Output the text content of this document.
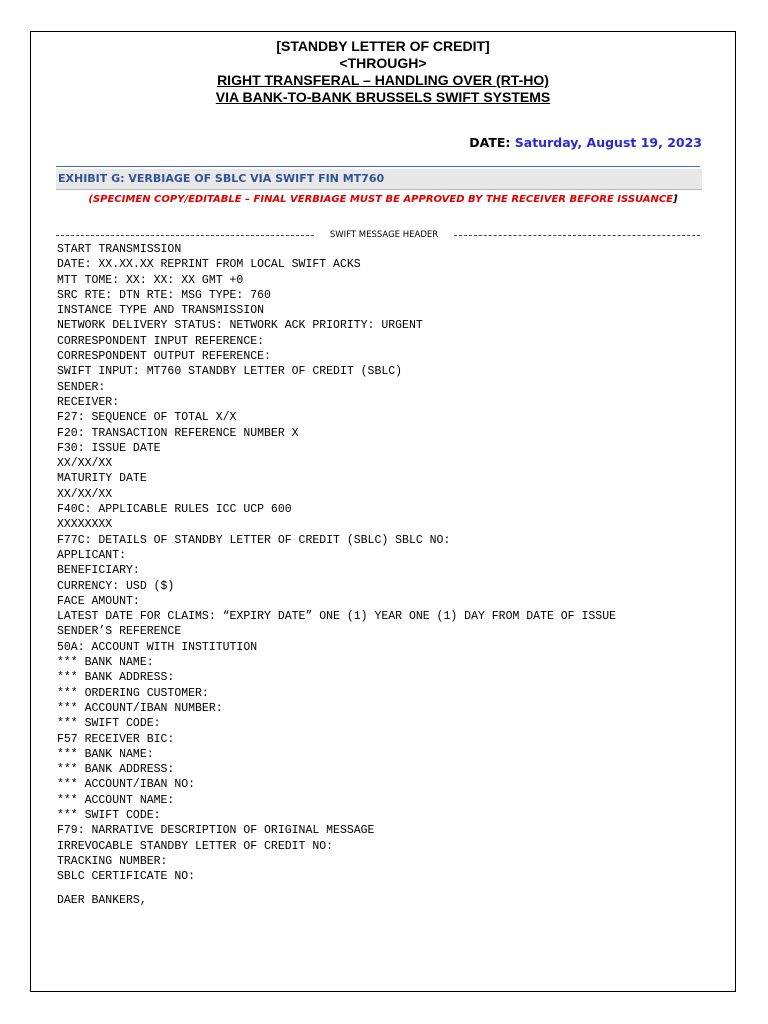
[STANDBY LETTER OF CREDIT]
<THROUGH>
RIGHT TRANSFERAL – HANDLING OVER (RT-HO)
VIA BANK-TO-BANK BRUSSELS SWIFT SYSTEMS
DATE: Saturday, August 19, 2023
EXHIBIT G: VERBIAGE OF SBLC VIA SWIFT FIN MT760
(SPECIMEN COPY/EDITABLE – FINAL VERBIAGE MUST BE APPROVED BY THE RECEIVER BEFORE ISSUANCE]
SWIFT MESSAGE HEADER
START TRANSMISSION
DATE: XX.XX.XX REPRINT FROM LOCAL SWIFT ACKS
MTT TOME: XX: XX: XX GMT +0
SRC RTE: DTN RTE: MSG TYPE: 760
INSTANCE TYPE AND TRANSMISSION
NETWORK DELIVERY STATUS: NETWORK ACK PRIORITY: URGENT
CORRESPONDENT INPUT REFERENCE:
CORRESPONDENT OUTPUT REFERENCE:
SWIFT INPUT: MT760 STANDBY LETTER OF CREDIT (SBLC)
SENDER:
RECEIVER:
F27: SEQUENCE OF TOTAL X/X
F20: TRANSACTION REFERENCE NUMBER X
F30: ISSUE DATE
XX/XX/XX
MATURITY DATE
XX/XX/XX
F40C: APPLICABLE RULES ICC UCP 600
XXXXXXXX
F77C: DETAILS OF STANDBY LETTER OF CREDIT (SBLC) SBLC NO:
APPLICANT:
BENEFICIARY:
CURRENCY: USD ($)
FACE AMOUNT:
LATEST DATE FOR CLAIMS: “EXPIRY DATE” ONE (1) YEAR ONE (1) DAY FROM DATE OF ISSUE
SENDER’S REFERENCE
50A: ACCOUNT WITH INSTITUTION
*** BANK NAME:
*** BANK ADDRESS:
*** ORDERING CUSTOMER:
*** ACCOUNT/IBAN NUMBER:
*** SWIFT CODE:
F57 RECEIVER BIC:
*** BANK NAME:
*** BANK ADDRESS:
*** ACCOUNT/IBAN NO:
*** ACCOUNT NAME:
*** SWIFT CODE:
F79: NARRATIVE DESCRIPTION OF ORIGINAL MESSAGE
IRREVOCABLE STANDBY LETTER OF CREDIT NO:
TRACKING NUMBER:
SBLC CERTIFICATE NO:
DAER BANKERS,
